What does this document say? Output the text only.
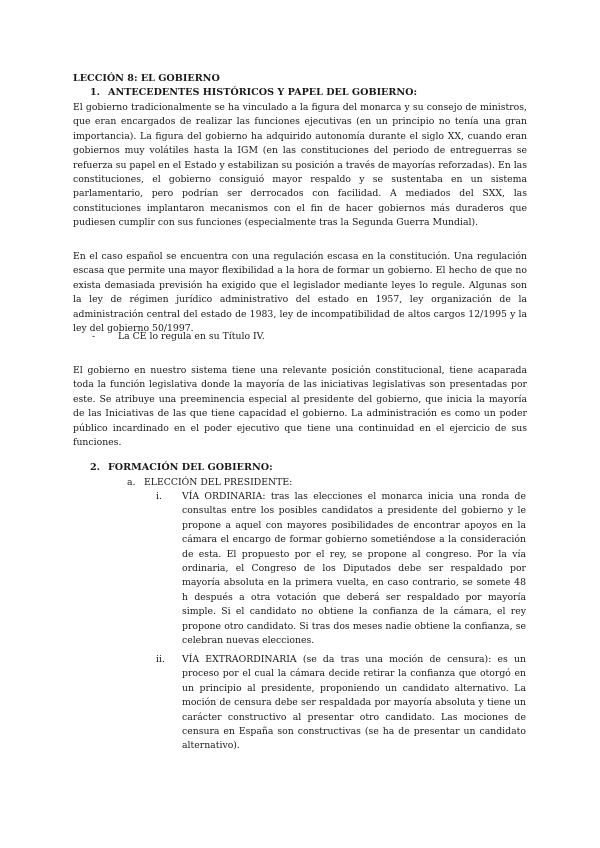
LECCIÓN 8: EL GOBIERNO
1. ANTECEDENTES HISTÓRICOS Y PAPEL DEL GOBIERNO:

El gobierno tradicionalmente se ha vinculado a la figura del monarca y su consejo de ministros, que eran encargados de realizar las funciones ejecutivas (en un principio no tenía una gran importancia). La figura del gobierno ha adquirido autonomía durante el siglo XX, cuando eran gobiernos muy volátiles hasta la IGM (en las constituciones del periodo de entreguerras se refuerza su papel en el Estado y estabilizan su posición a través de mayorías reforzadas). En las constituciones, el gobierno consiguió mayor respaldo y se sustentaba en un sistema parlamentario, pero podrían ser derrocados con facilidad. A mediados del SXX, las constituciones implantaron mecanismos con el fin de hacer gobiernos más duraderos que pudiesen cumplir con sus funciones (especialmente tras la Segunda Guerra Mundial).

En el caso español se encuentra con una regulación escasa en la constitución. Una regulación escasa que permite una mayor flexibilidad a la hora de formar un gobierno. El hecho de que no exista demasiada previsión ha exigido que el legislador mediante leyes lo regule. Algunas son la ley de régimen jurídico administrativo del estado en 1957, ley organización de la administración central del estado de 1983, ley de incompatibilidad de altos cargos 12/1995 y la ley del gobierno 50/1997.

- La CE lo regula en su Título IV.

El gobierno en nuestro sistema tiene una relevante posición constitucional, tiene acaparada toda la función legislativa donde la mayoría de las iniciativas legislativas son presentadas por este. Se atribuye una preeminencia especial al presidente del gobierno, que inicia la mayoría de las Iniciativas de las que tiene capacidad el gobierno. La administración es como un poder público incardinado en el poder ejecutivo que tiene una continuidad en el ejercicio de sus funciones.

2. FORMACIÓN DEL GOBIERNO:
a. ELECCIÓN DEL PRESIDENTE:
i.	VÍA ORDINARIA: tras las elecciones el monarca inicia una ronda de consultas entre los posibles candidatos a presidente del gobierno y le propone a aquel con mayores posibilidades de encontrar apoyos en la cámara el encargo de formar gobierno sometiéndose a la consideración de esta. El propuesto por el rey, se propone al congreso. Por la vía ordinaria, el Congreso de los Diputados debe ser respaldado por mayoría absoluta en la primera vuelta, en caso contrario, se somete 48 h después a otra votación que deberá ser respaldado por mayoría simple. Si el candidato no obtiene la confianza de la cámara, el rey propone otro candidato. Si tras dos meses nadie obtiene la confianza, se celebran nuevas elecciones.

ii.	VÍA EXTRAORDINARIA (se da tras una moción de censura): es un proceso por el cual la cámara decide retirar la confianza que otorgó en un principio al presidente, proponiendo un candidato alternativo. La moción de censura debe ser respaldada por mayoría absoluta y tiene un carácter constructivo al presentar otro candidato. Las mociones de censura en España son constructivas (se ha de presentar un candidato alternativo).
